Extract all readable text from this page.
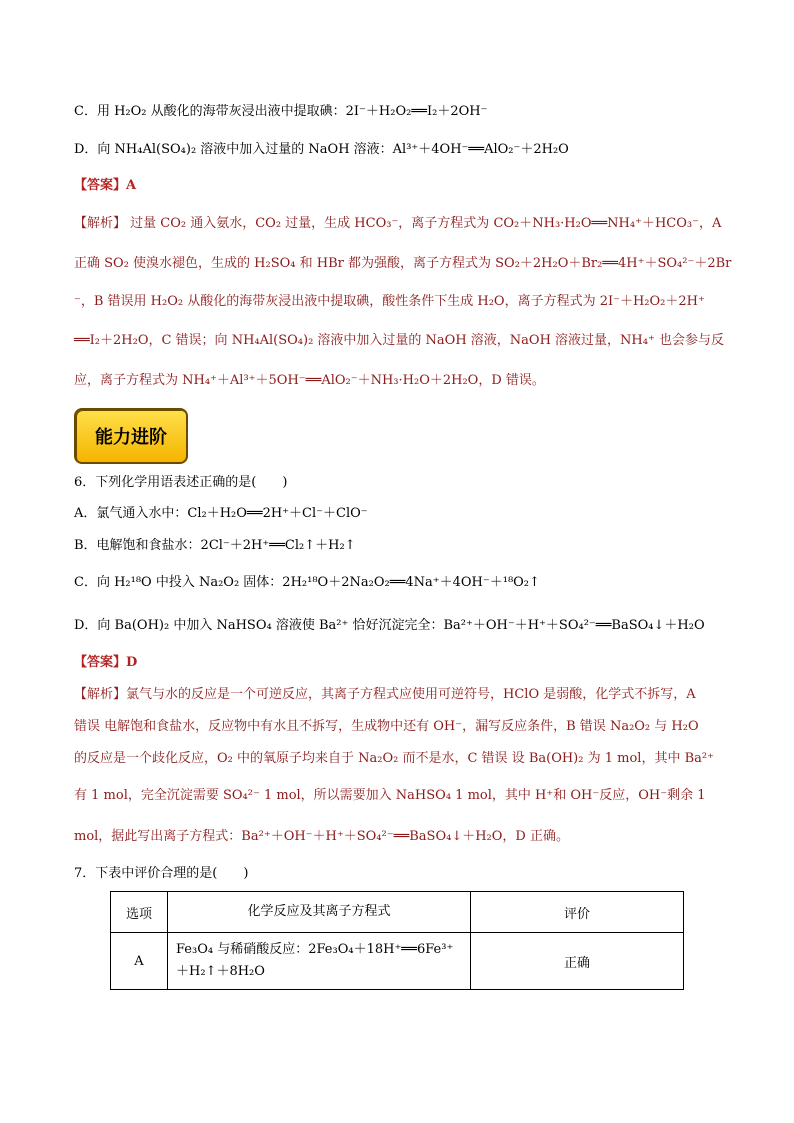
C．用 H₂O₂ 从酸化的海带灰浸出液中提取碘：2I⁻＋H₂O₂══I₂＋2OH⁻
D．向 NH₄Al(SO₄)₂ 溶液中加入过量的 NaOH 溶液：Al³⁺＋4OH⁻══AlO₂⁻＋2H₂O
【答案】A
【解析】 过量 CO₂ 通入氨水，CO₂ 过量，生成 HCO₃⁻，离子方程式为 CO₂＋NH₃·H₂O══NH₄⁺＋HCO₃⁻，A
正确 SO₂ 使溴水褪色，生成的 H₂SO₄ 和 HBr 都为强酸，离子方程式为 SO₂＋2H₂O＋Br₂══4H⁺＋SO₄²⁻＋2Br
⁻，B 错误用 H₂O₂ 从酸化的海带灰浸出液中提取碘，酸性条件下生成 H₂O，离子方程式为 2I⁻＋H₂O₂＋2H⁺
══I₂＋2H₂O，C 错误；向 NH₄Al(SO₄)₂ 溶液中加入过量的 NaOH 溶液，NaOH 溶液过量，NH₄⁺ 也会参与反
应，离子方程式为 NH₄⁺＋Al³⁺＋5OH⁻══AlO₂⁻＋NH₃·H₂O＋2H₂O，D 错误。
能力进阶
6．下列化学用语表述正确的是(　　)
A．氯气通入水中：Cl₂＋H₂O══2H⁺＋Cl⁻＋ClO⁻
B．电解饱和食盐水：2Cl⁻＋2H⁺══Cl₂↑＋H₂↑
C．向 H₂¹⁸O 中投入 Na₂O₂ 固体：2H₂¹⁸O＋2Na₂O₂══4Na⁺＋4OH⁻＋¹⁸O₂↑
D．向 Ba(OH)₂ 中加入 NaHSO₄ 溶液使 Ba²⁺ 恰好沉淀完全：Ba²⁺＋OH⁻＋H⁺＋SO₄²⁻══BaSO₄↓＋H₂O
【答案】D
【解析】氯气与水的反应是一个可逆反应，其离子方程式应使用可逆符号，HClO 是弱酸，化学式不拆写，A
错误 电解饱和食盐水，反应物中有水且不拆写，生成物中还有 OH⁻，漏写反应条件，B 错误 Na₂O₂ 与 H₂O
的反应是一个歧化反应，O₂ 中的氧原子均来自于 Na₂O₂ 而不是水，C 错误 设 Ba(OH)₂ 为 1 mol，其中 Ba²⁺
有 1 mol，完全沉淀需要 SO₄²⁻ 1 mol，所以需要加入 NaHSO₄ 1 mol，其中 H⁺和 OH⁻反应，OH⁻剩余 1
mol，据此写出离子方程式：Ba²⁺＋OH⁻＋H⁺＋SO₄²⁻══BaSO₄↓＋H₂O，D 正确。
7．下表中评价合理的是(　　)
选项	化学反应及其离子方程式	评价
A	Fe₃O₄ 与稀硝酸反应：2Fe₃O₄＋18H⁺══6Fe³⁺＋H₂↑＋8H₂O	正确
